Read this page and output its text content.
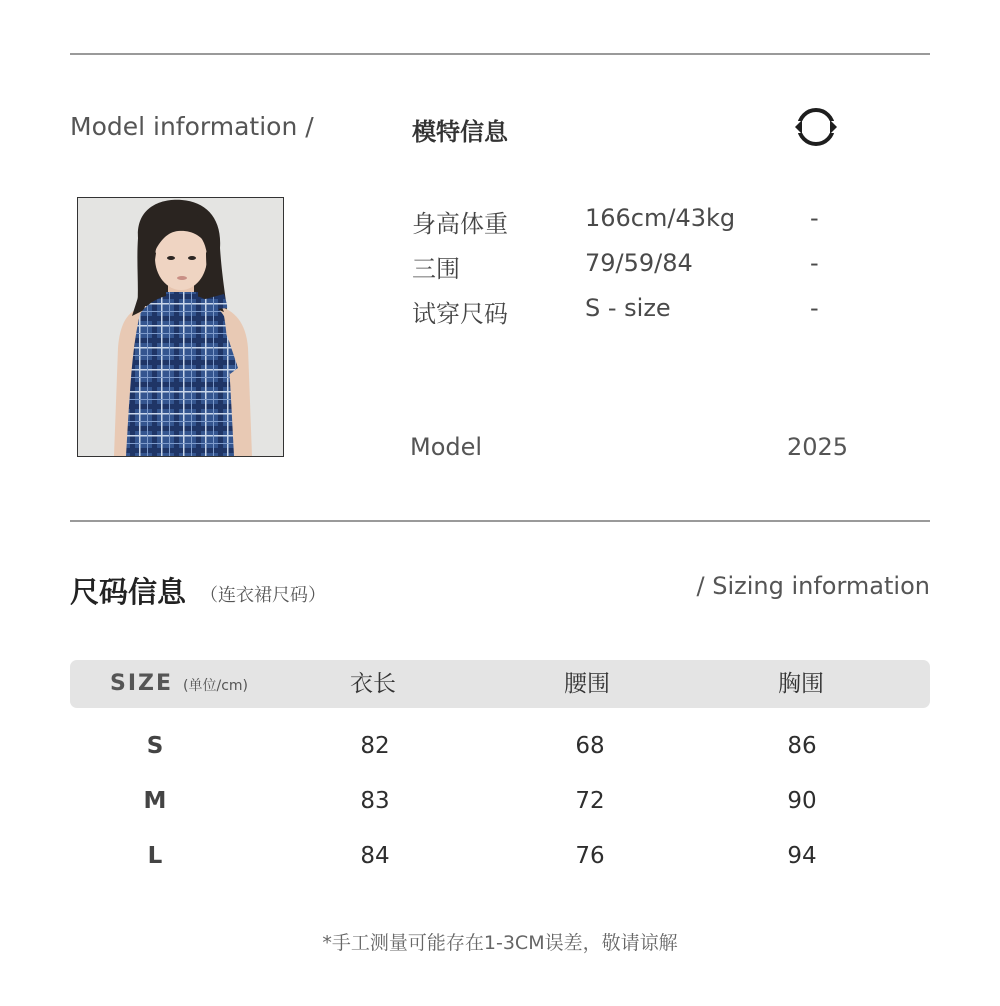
Model information /	模特信息
身高体重	166cm/43kg	-
三围	79/59/84	-
试穿尺码	S - size	-
Model	2025
尺码信息 （连衣裙尺码）	/ Sizing information
SIZE (单位/cm)	衣长	腰围	胸围
S	82	68	86
M	83	72	90
L	84	76	94
*手工测量可能存在1-3CM误差，敬请谅解
